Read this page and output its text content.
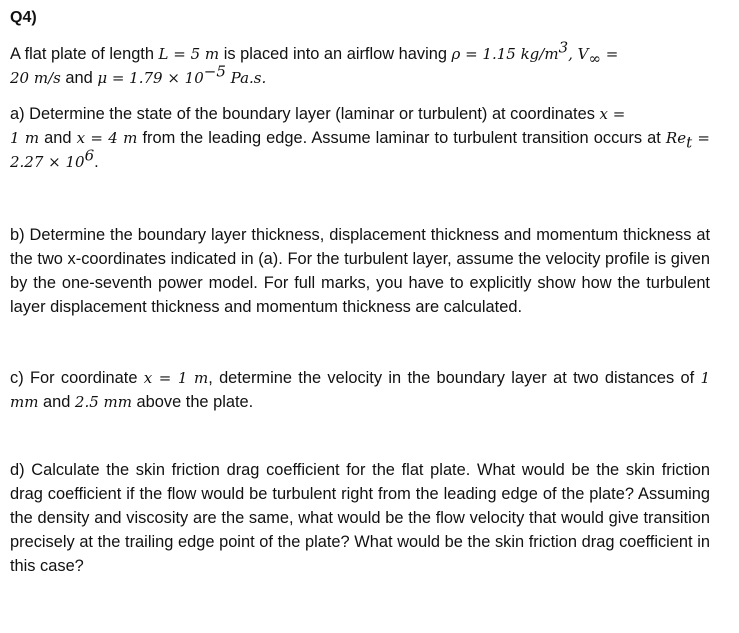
Q4)

A flat plate of length L = 5 m is placed into an airflow having ρ = 1.15 $kg/m^3$, $V_\infty$ =
20 m/s and $\mu = 1.79 \times 10^{-5}$ Pa.s.

a) Determine the state of the boundary layer (laminar or turbulent) at coordinates x =
1 m and x = 4 m from the leading edge. Assume laminar to turbulent transition occurs at $Re_t = 2.27 \times 10^6$.

b) Determine the boundary layer thickness, displacement thickness and momentum thickness at the two x-coordinates indicated in (a). For the turbulent layer, assume the velocity profile is given by the one-seventh power model. For full marks, you have to explicitly show how the turbulent layer displacement thickness and momentum thickness are calculated.

c) For coordinate x = 1 m, determine the velocity in the boundary layer at two distances of 1 mm and 2.5 mm above the plate.

d) Calculate the skin friction drag coefficient for the flat plate. What would be the skin friction drag coefficient if the flow would be turbulent right from the leading edge of the plate? Assuming the density and viscosity are the same, what would be the flow velocity that would give transition precisely at the trailing edge point of the plate? What would be the skin friction drag coefficient in this case?
